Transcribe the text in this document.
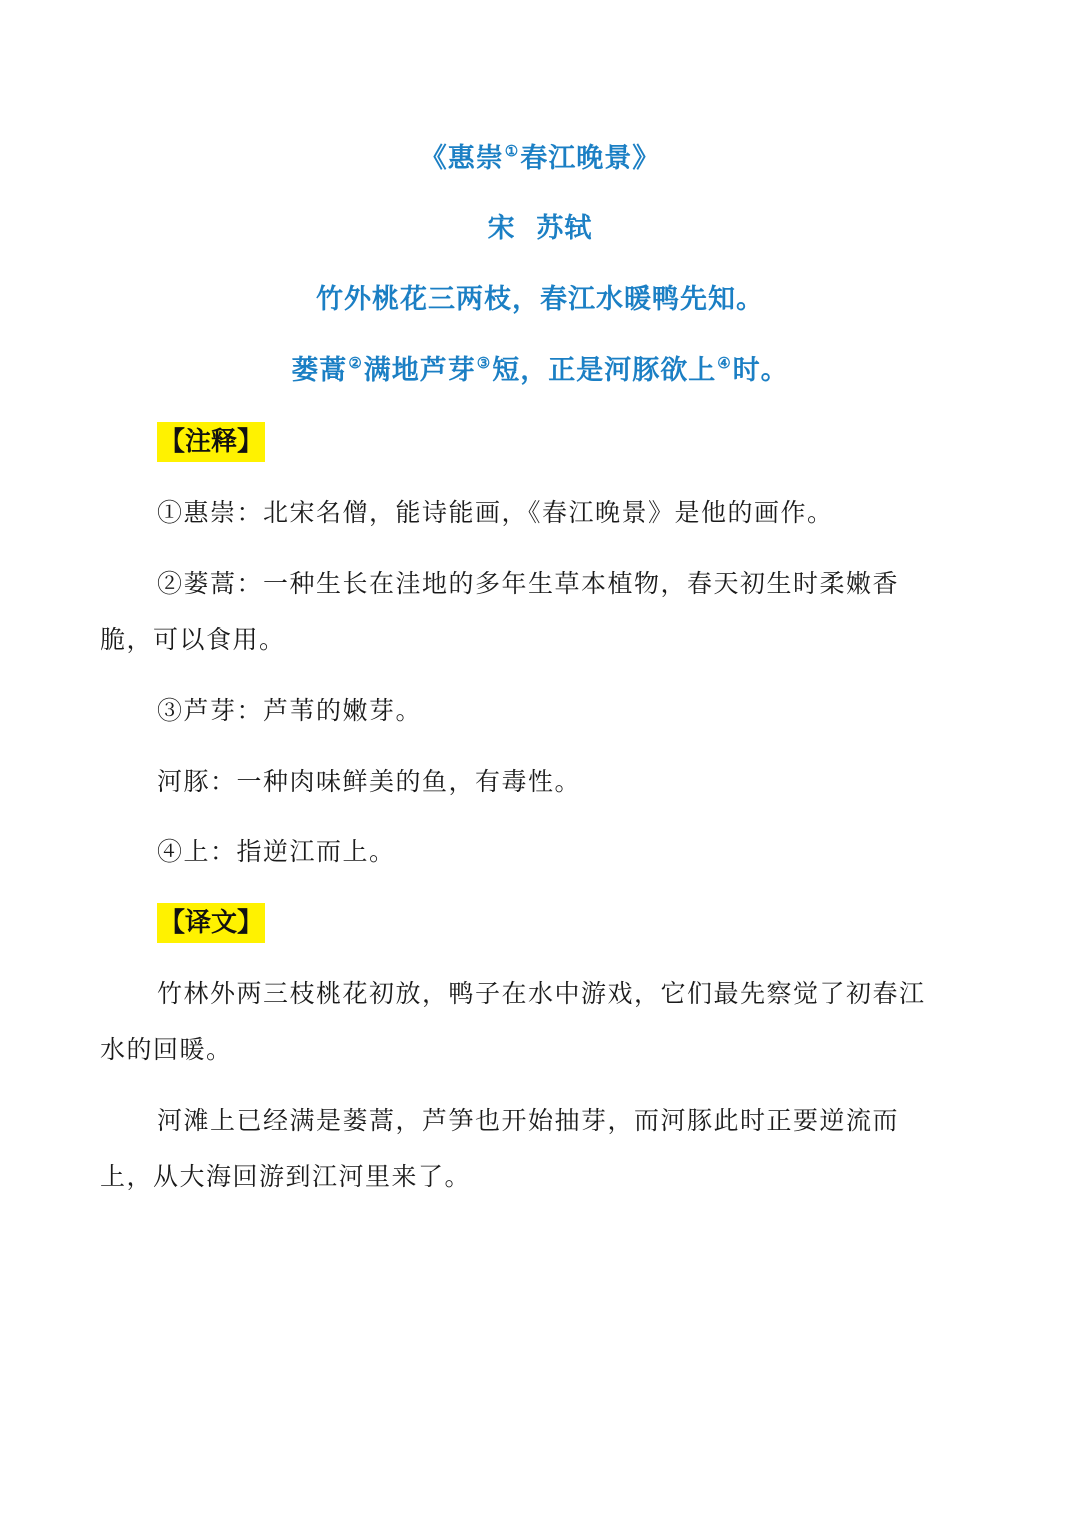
《惠崇①春江晚景》
宋  苏轼
竹外桃花三两枝，春江水暖鸭先知。
蒌蒿②满地芦芽③短，正是河豚欲上④时。
【注释】
①惠崇：北宋名僧，能诗能画，《春江晚景》是他的画作。
②蒌蒿：一种生长在洼地的多年生草本植物，春天初生时柔嫩香
脆，可以食用。
③芦芽：芦苇的嫩芽。
河豚：一种肉味鲜美的鱼，有毒性。
④上：指逆江而上。
【译文】
竹林外两三枝桃花初放，鸭子在水中游戏，它们最先察觉了初春江
水的回暖。
河滩上已经满是蒌蒿，芦笋也开始抽芽，而河豚此时正要逆流而
上，从大海回游到江河里来了。
